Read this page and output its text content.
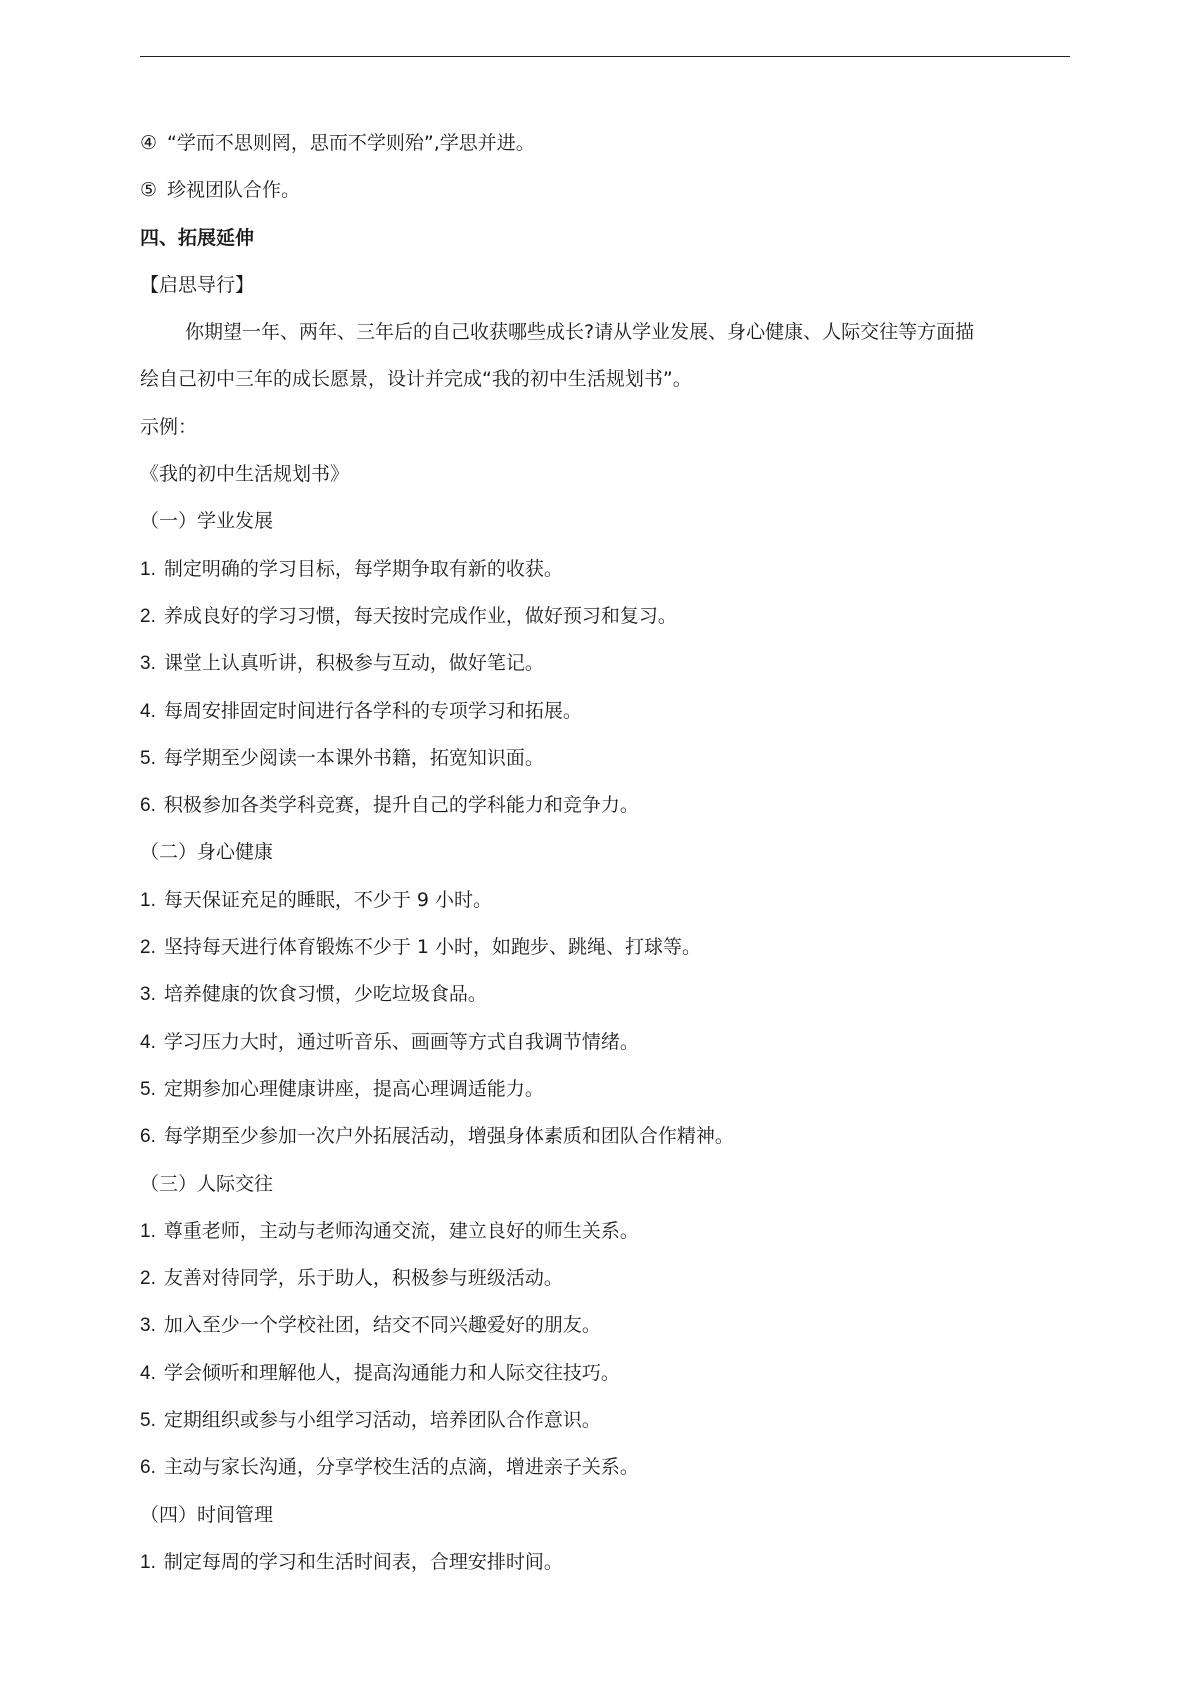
④ “学而不思则罔，思而不学则殆”,学思并进。
⑤ 珍视团队合作。
四、拓展延伸
【启思导行】
你期望一年、两年、三年后的自己收获哪些成长?请从学业发展、身心健康、人际交往等方面描
绘自己初中三年的成长愿景，设计并完成“我的初中生活规划书”。
示例：
《我的初中生活规划书》
（一）学业发展
1. 制定明确的学习目标，每学期争取有新的收获。
2. 养成良好的学习习惯，每天按时完成作业，做好预习和复习。
3. 课堂上认真听讲，积极参与互动，做好笔记。
4. 每周安排固定时间进行各学科的专项学习和拓展。
5. 每学期至少阅读一本课外书籍，拓宽知识面。
6. 积极参加各类学科竞赛，提升自己的学科能力和竞争力。
（二）身心健康
1. 每天保证充足的睡眠，不少于 9 小时。
2. 坚持每天进行体育锻炼不少于 1 小时，如跑步、跳绳、打球等。
3. 培养健康的饮食习惯，少吃垃圾食品。
4. 学习压力大时，通过听音乐、画画等方式自我调节情绪。
5. 定期参加心理健康讲座，提高心理调适能力。
6. 每学期至少参加一次户外拓展活动，增强身体素质和团队合作精神。
（三）人际交往
1. 尊重老师，主动与老师沟通交流，建立良好的师生关系。
2. 友善对待同学，乐于助人，积极参与班级活动。
3. 加入至少一个学校社团，结交不同兴趣爱好的朋友。
4. 学会倾听和理解他人，提高沟通能力和人际交往技巧。
5. 定期组织或参与小组学习活动，培养团队合作意识。
6. 主动与家长沟通，分享学校生活的点滴，增进亲子关系。
（四）时间管理
1. 制定每周的学习和生活时间表，合理安排时间。
